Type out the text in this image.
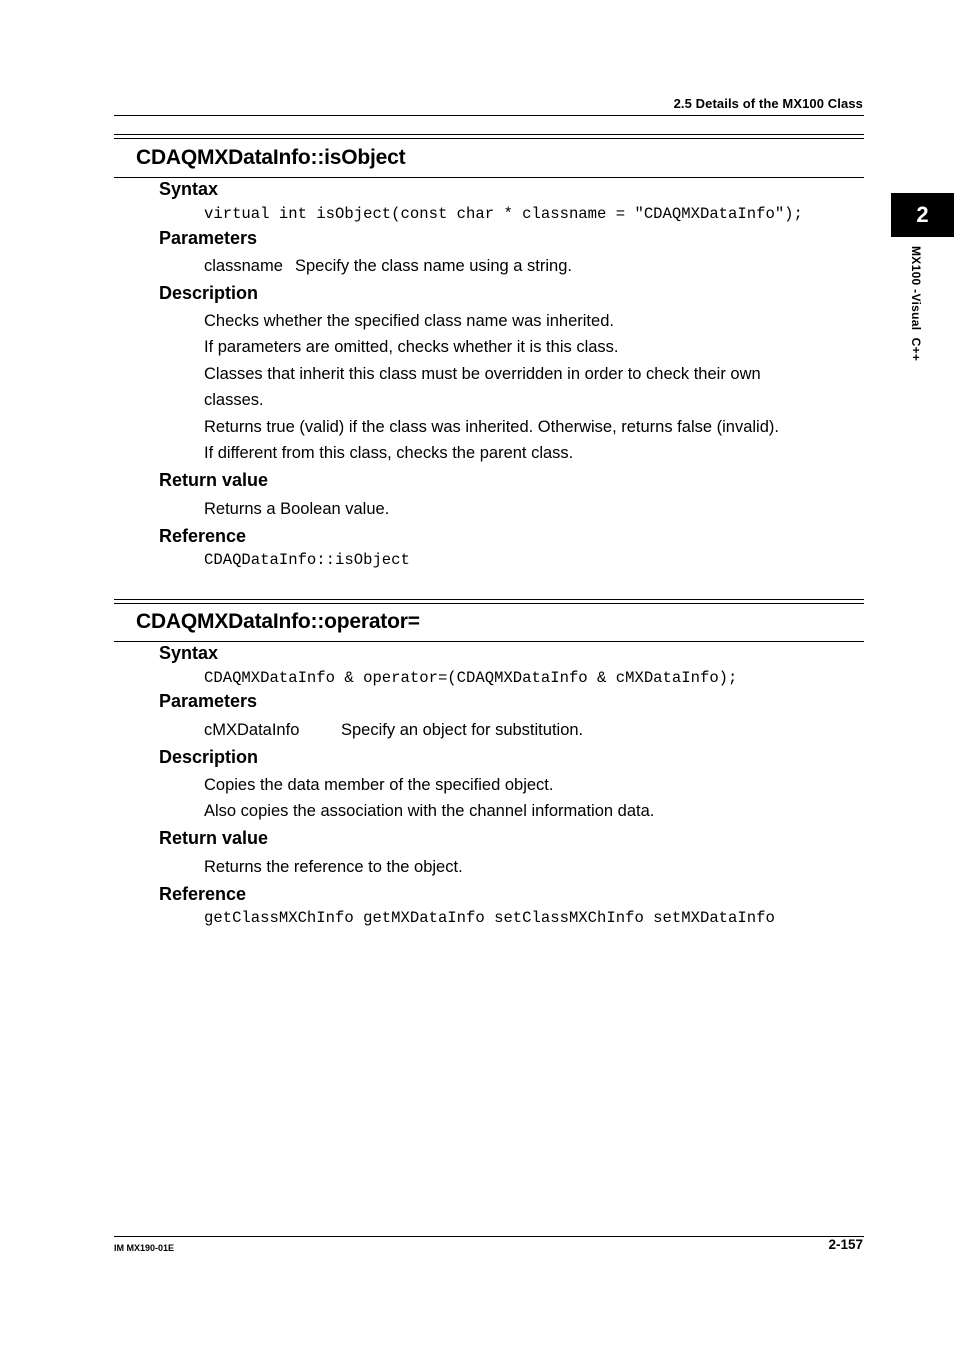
2.5 Details of the MX100 Class
2
MX100 -Visual  C++
CDAQMXDataInfo::isObject
Syntax
virtual int isObject(const char * classname = "CDAQMXDataInfo");
Parameters
classname Specify the class name using a string.
Description
Checks whether the specified class name was inherited.
If parameters are omitted, checks whether it is this class.
Classes that inherit this class must be overridden in order to check their own
classes.
Returns true (valid) if the class was inherited. Otherwise, returns false (invalid).
If different from this class, checks the parent class.
Return value
Returns a Boolean value.
Reference
CDAQDataInfo::isObject
CDAQMXDataInfo::operator=
Syntax
CDAQMXDataInfo & operator=(CDAQMXDataInfo & cMXDataInfo);
Parameters
cMXDataInfo	Specify an object for substitution.
Description
Copies the data member of the specified object.
Also copies the association with the channel information data.
Return value
Returns the reference to the object.
Reference
getClassMXChInfo getMXDataInfo setClassMXChInfo setMXDataInfo
IM MX190-01E	2-157
